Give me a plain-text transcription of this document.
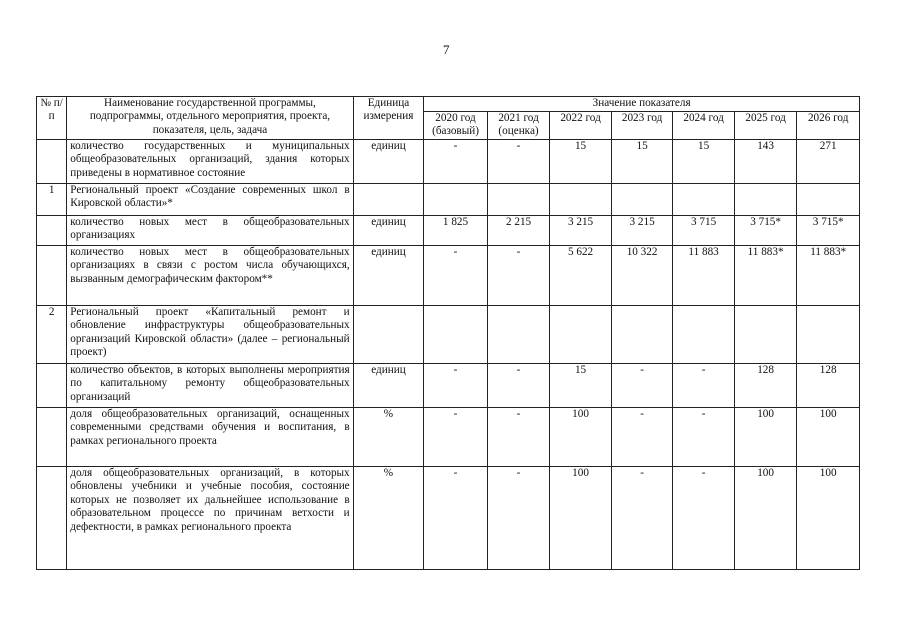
7
№ п/п	Наименование государственной программы, подпрограммы, отдельного мероприятия, проекта, показателя, цель, задача	Единица измерения	Значение показателя						
			2020 год (базовый)	2021 год (оценка)	2022 год	2023 год	2024 год	2025 год	2026 год
	количество государственных и муниципальных общеобразовательных организаций, здания которых приведены в нормативное состояние	единиц	-	-	15	15	15	143	271
1	Региональный проект «Создание современных школ в Кировской области»*								
	количество новых мест в общеобразовательных организациях	единиц	1 825	2 215	3 215	3 215	3 715	3 715*	3 715*
	количество новых мест в общеобразовательных организациях в связи с ростом числа обучающихся, вызванным демографическим фактором**	единиц	-	-	5 622	10 322	11 883	11 883*	11 883*
2	Региональный проект «Капитальный ремонт и обновление инфраструктуры общеобразовательных организаций Кировской области» (далее – региональный проект)								
	количество объектов, в которых выполнены мероприятия по капитальному ремонту общеобразовательных организаций	единиц	-	-	15	-	-	128	128
	доля общеобразовательных организаций, оснащенных современными средствами обучения и воспитания, в рамках регионального проекта	%	-	-	100	-	-	100	100
	доля общеобразовательных организаций, в которых обновлены учебники и учебные пособия, состояние которых не позволяет их дальнейшее использование в образовательном процессе по причинам ветхости и дефектности, в рамках регионального проекта	%	-	-	100	-	-	100	100
